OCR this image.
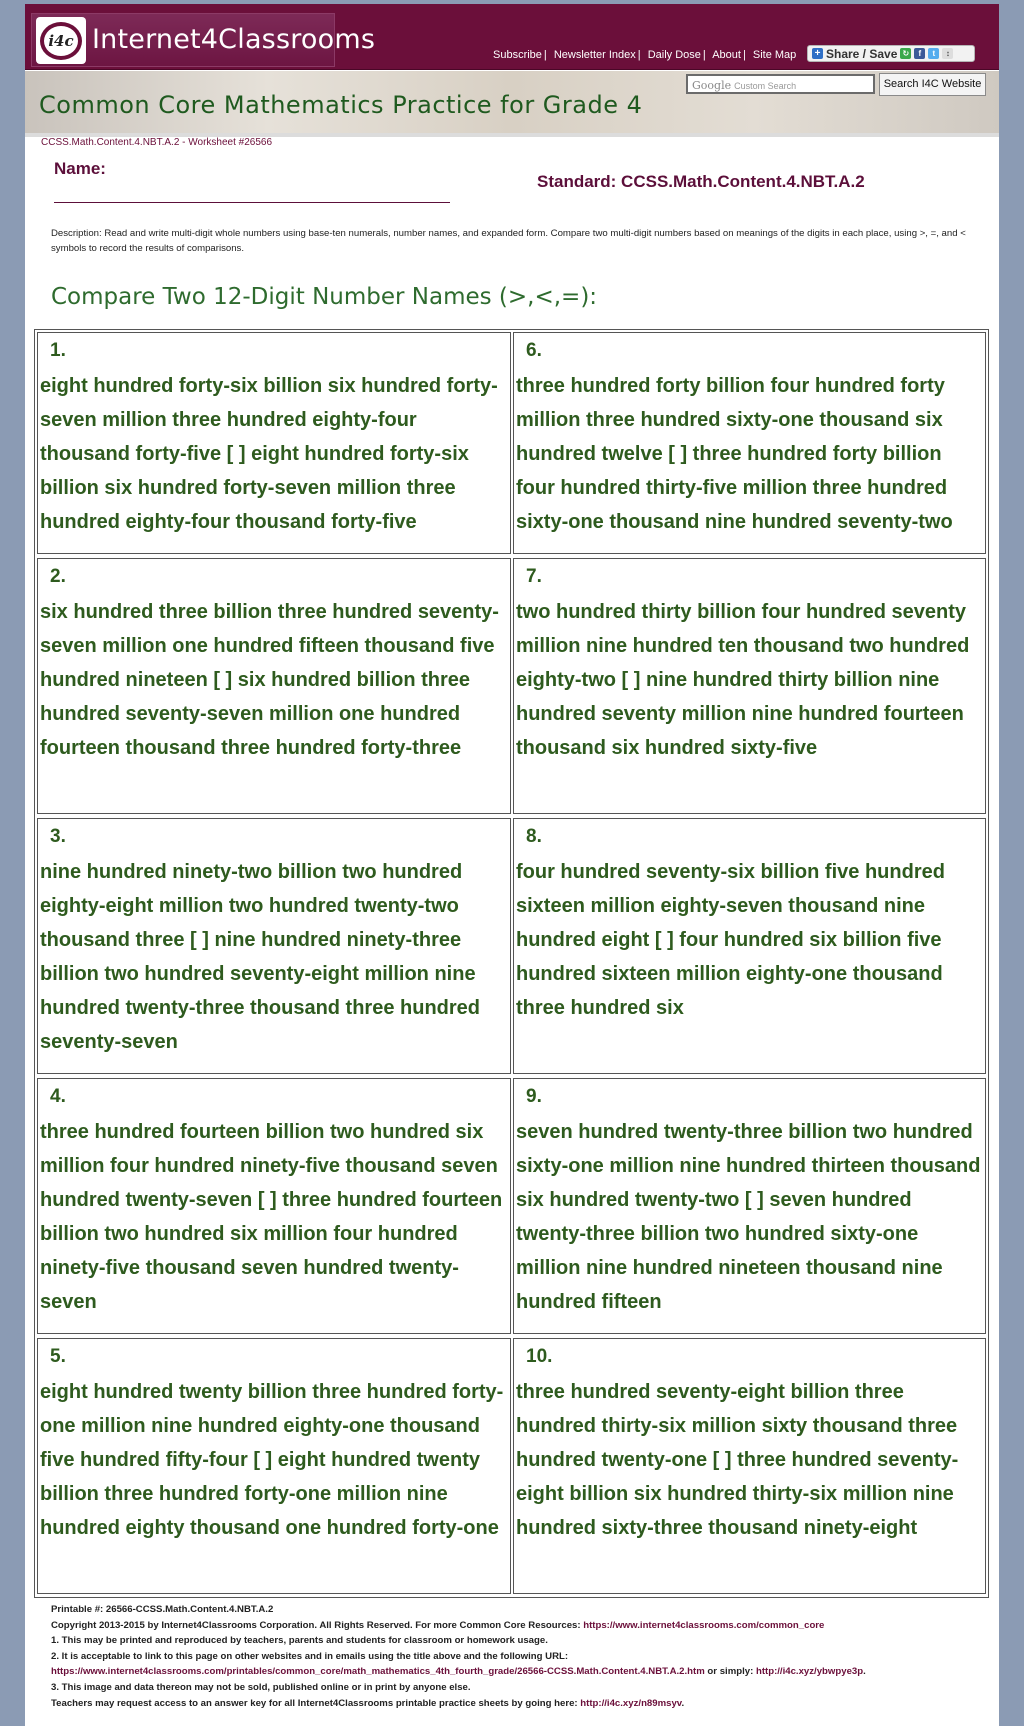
i4c Internet4Classrooms	Subscribe | Newsletter Index | Daily Dose | About | Site Map + Share / Save ↻	f	t	↕
Google Custom Search	Search I4C Website
Common Core Mathematics Practice for Grade 4
CCSS.Math.Content.4.NBT.A.2 - Worksheet #26566
Name:
Standard: CCSS.Math.Content.4.NBT.A.2
Description: Read and write multi-digit whole numbers using base-ten numerals, number names, and expanded form. Compare two multi-digit numbers based on meanings of the digits in each place, using >, =, and < symbols to record the results of comparisons.
Compare Two 12-Digit Number Names (>,<,=):
1.
eight hundred forty-six billion six hundred forty-seven million three hundred eighty-four thousand forty-five [ ] eight hundred forty-six billion six hundred forty-seven million three hundred eighty-four thousand forty-five
2.
six hundred three billion three hundred seventy-seven million one hundred fifteen thousand five hundred nineteen [ ] six hundred billion three hundred seventy-seven million one hundred fourteen thousand three hundred forty-three
3.
nine hundred ninety-two billion two hundred eighty-eight million two hundred twenty-two thousand three [ ] nine hundred ninety-three billion two hundred seventy-eight million nine hundred twenty-three thousand three hundred seventy-seven
4.
three hundred fourteen billion two hundred six million four hundred ninety-five thousand seven hundred twenty-seven [ ] three hundred fourteen billion two hundred six million four hundred ninety-five thousand seven hundred twenty-seven
5.
eight hundred twenty billion three hundred forty-one million nine hundred eighty-one thousand five hundred fifty-four [ ] eight hundred twenty billion three hundred forty-one million nine hundred eighty thousand one hundred forty-one
6.
three hundred forty billion four hundred forty million three hundred sixty-one thousand six hundred twelve [ ] three hundred forty billion four hundred thirty-five million three hundred sixty-one thousand nine hundred seventy-two
7.
two hundred thirty billion four hundred seventy million nine hundred ten thousand two hundred eighty-two [ ] nine hundred thirty billion nine hundred seventy million nine hundred fourteen thousand six hundred sixty-five
8.
four hundred seventy-six billion five hundred sixteen million eighty-seven thousand nine hundred eight [ ] four hundred six billion five hundred sixteen million eighty-one thousand three hundred six
9.
seven hundred twenty-three billion two hundred sixty-one million nine hundred thirteen thousand six hundred twenty-two [ ] seven hundred twenty-three billion two hundred sixty-one million nine hundred nineteen thousand nine hundred fifteen
10.
three hundred seventy-eight billion three hundred thirty-six million sixty thousand three hundred twenty-one [ ] three hundred seventy-eight billion six hundred thirty-six million nine hundred sixty-three thousand ninety-eight

Printable #: 26566-CCSS.Math.Content.4.NBT.A.2

Copyright 2013-2015 by Internet4Classrooms Corporation. All Rights Reserved. For more Common Core Resources: https://www.internet4classrooms.com/common_core

1. This may be printed and reproduced by teachers, parents and students for classroom or homework usage.

2. It is acceptable to link to this page on other websites and in emails using the title above and the following URL:

https://www.internet4classrooms.com/printables/common_core/math_mathematics_4th_fourth_grade/26566-CCSS.Math.Content.4.NBT.A.2.htm or simply: http://i4c.xyz/ybwpye3p.

3. This image and data thereon may not be sold, published online or in print by anyone else.

Teachers may request access to an answer key for all Internet4Classrooms printable practice sheets by going here: http://i4c.xyz/n89msyv.
